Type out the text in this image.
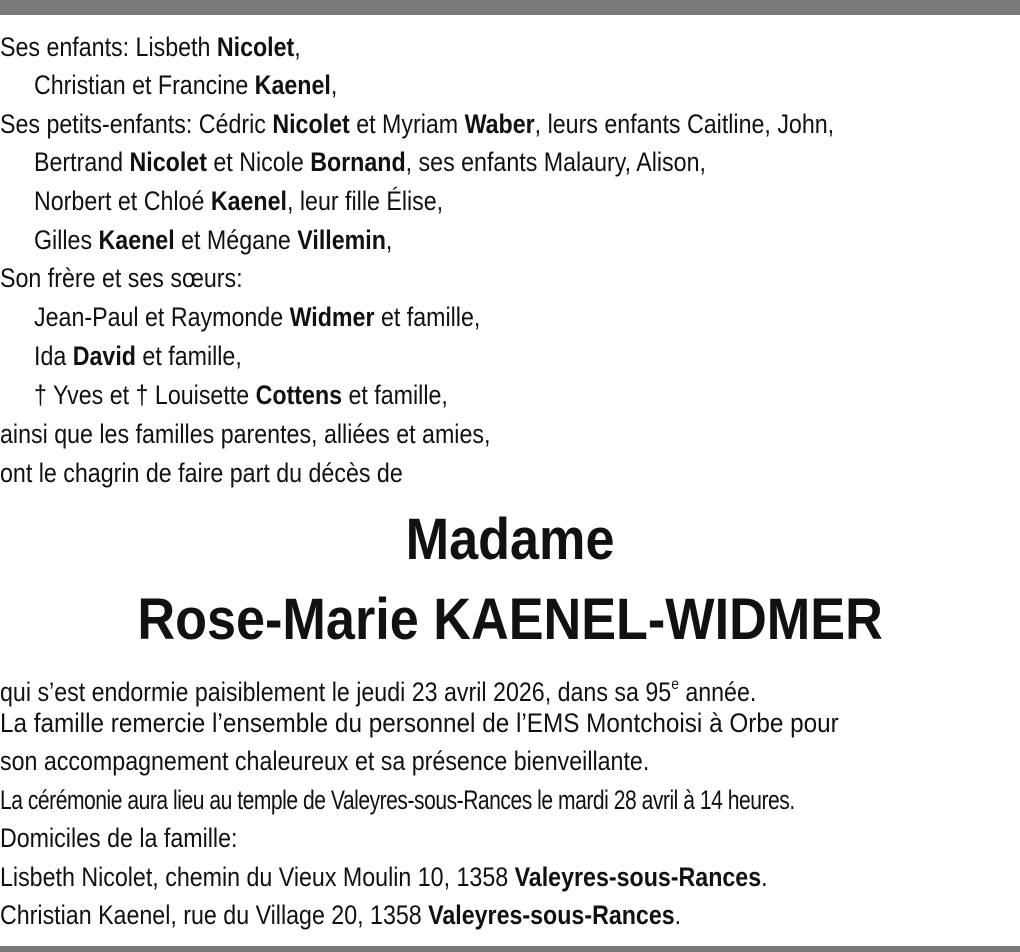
Ses enfants: Lisbeth Nicolet,
Christian et Francine Kaenel,
Ses petits-enfants: Cédric Nicolet et Myriam Waber, leurs enfants Caitline, John,
Bertrand Nicolet et Nicole Bornand, ses enfants Malaury, Alison,
Norbert et Chloé Kaenel, leur fille Élise,
Gilles Kaenel et Mégane Villemin,
Son frère et ses sœurs:
Jean-Paul et Raymonde Widmer et famille,
Ida David et famille,
† Yves et † Louisette Cottens et famille,
ainsi que les familles parentes, alliées et amies,
ont le chagrin de faire part du décès de
Madame
Rose-Marie KAENEL-WIDMER
qui s’est endormie paisiblement le jeudi 23 avril 2026, dans sa 95e année.
La famille remercie l’ensemble du personnel de l’EMS Montchoisi à Orbe pour
son accompagnement chaleureux et sa présence bienveillante.
La cérémonie aura lieu au temple de Valeyres-sous-Rances le mardi 28 avril à 14 heures.
Domiciles de la famille:
Lisbeth Nicolet, chemin du Vieux Moulin 10, 1358 Valeyres-sous-Rances.
Christian Kaenel, rue du Village 20, 1358 Valeyres-sous-Rances.
